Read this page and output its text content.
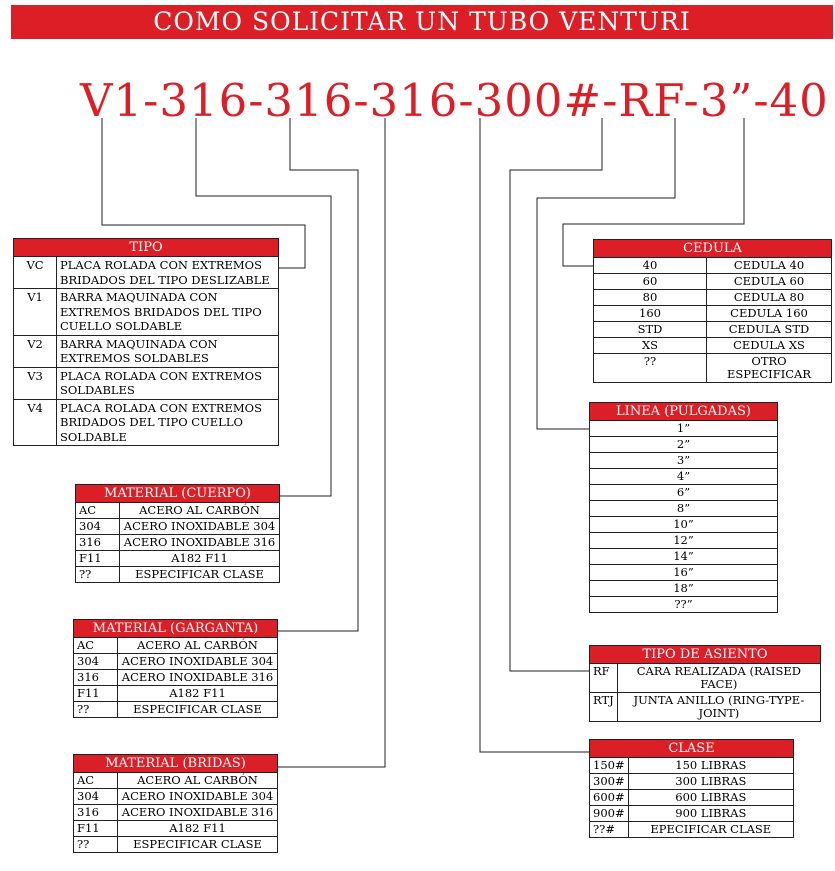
COMO SOLICITAR UN TUBO VENTURI
V1-316-316-316-300#-RF-3”-40
TIPO	
VC	PLACA ROLADA CON EXTREMOS BRIDADOS DEL TIPO DESLIZABLE
V1	BARRA MAQUINADA CON EXTREMOS BRIDADOS DEL TIPO CUELLO SOLDABLE
V2	BARRA MAQUINADA CON EXTREMOS SOLDABLES
V3	PLACA ROLADA CON EXTREMOS SOLDABLES
V4	PLACA ROLADA CON EXTREMOS BRIDADOS DEL TIPO CUELLO SOLDABLE
MATERIAL (CUERPO)	
AC	ACERO AL CARBÓN
304	ACERO INOXIDABLE 304
316	ACERO INOXIDABLE 316
F11	A182 F11
??	ESPECIFICAR CLASE
MATERIAL (GARGANTA)	
AC	ACERO AL CARBÓN
304	ACERO INOXIDABLE 304
316	ACERO INOXIDABLE 316
F11	A182 F11
??	ESPECIFICAR CLASE
MATERIAL (BRIDAS)	
AC	ACERO AL CARBÓN
304	ACERO INOXIDABLE 304
316	ACERO INOXIDABLE 316
F11	A182 F11
??	ESPECIFICAR CLASE
CEDULA	
40	CEDULA 40
60	CEDULA 60
80	CEDULA 80
160	CEDULA 160
STD	CEDULA STD
XS	CEDULA XS
??	OTRO ESPECIFICAR
LINEA (PULGADAS)
1”
2”
3”
4”
6”
8”
10”
12”
14”
16”
18”
??”
TIPO DE ASIENTO	
RF	CARA REALIZADA (RAISED FACE)
RTJ	JUNTA ANILLO (RING-TYPE-JOINT)
CLASE	
150#	150 LIBRAS
300#	300 LIBRAS
600#	600 LIBRAS
900#	900 LIBRAS
??#	EPECIFICAR CLASE
